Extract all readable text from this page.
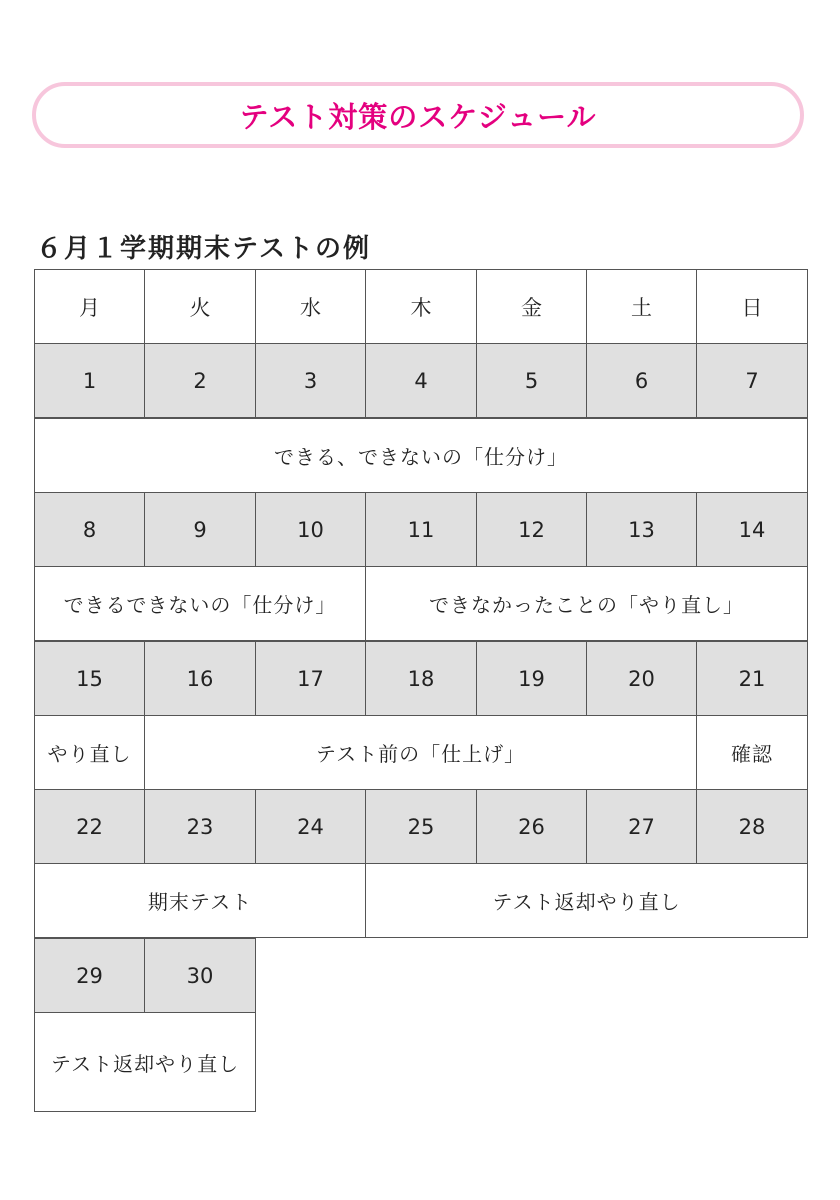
テスト対策のスケジュール
６月１学期期末テストの例
月	火	水	木	金	土	日
1	2	3	4	5	6	7
できる、できないの「仕分け」
8	9	10	11	12	13	14
できるできないの「仕分け」	できなかったことの「やり直し」
15	16	17	18	19	20	21
やり直し	テスト前の「仕上げ」	確認
22	23	24	25	26	27	28
期末テスト	テスト返却やり直し
29	30
テスト返却やり直し
